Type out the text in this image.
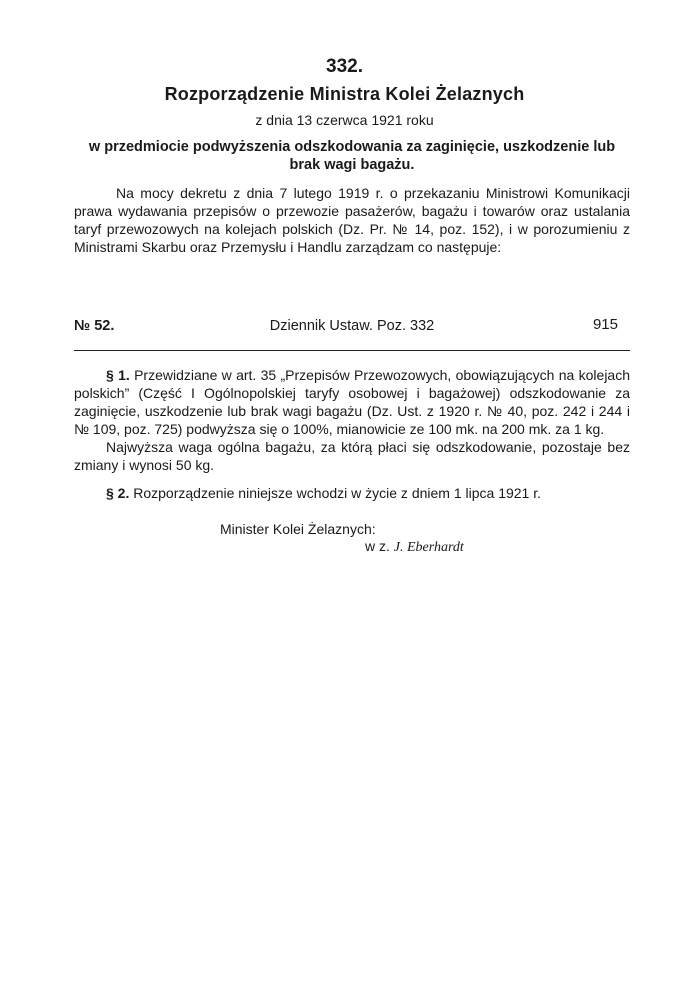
332.
Rozporządzenie Ministra Kolei Żelaznych
z dnia 13 czerwca 1921 roku
w przedmiocie podwyższenia odszkodowania za zaginięcie, uszkodzenie lub brak wagi bagażu.
Na mocy dekretu z dnia 7 lutego 1919 r. o przekazaniu Ministrowi Komunikacji prawa wydawania przepisów o przewozie pasażerów, bagażu i towarów oraz ustalania taryf przewozowych na kolejach polskich (Dz. Pr. № 14, poz. 152), i w porozumieniu z Ministrami Skarbu oraz Przemysłu i Handlu zarządzam co następuje:
№ 52.	Dziennik Ustaw. Poz. 332	915
§ 1. Przewidziane w art. 35 „Przepisów Przewozowych, obowiązujących na kolejach polskich” (Część I Ogólnopolskiej taryfy osobowej i bagażowej) odszkodowanie za zaginięcie, uszkodzenie lub brak wagi bagażu (Dz. Ust. z 1920 r. № 40, poz. 242 i 244 i № 109, poz. 725) podwyższa się o 100%, mianowicie ze 100 mk. na 200 mk. za 1 kg.
Najwyższa waga ogólna bagażu, za którą płaci się odszkodowanie, pozostaje bez zmiany i wynosi 50 kg.
§ 2. Rozporządzenie niniejsze wchodzi w życie z dniem 1 lipca 1921 r.
Minister Kolei Żelaznych:
w z. J. Eberhardt
